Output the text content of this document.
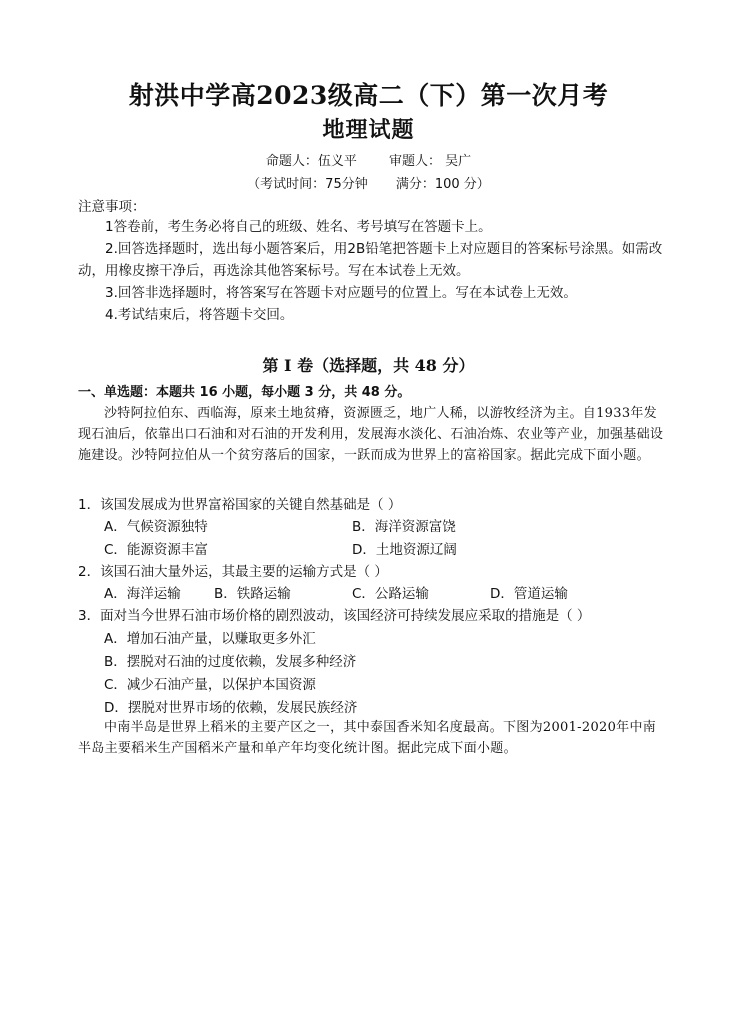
射洪中学高2023级高二（下）第一次月考
地理试题
命题人：伍义平 审题人： 吴广
（考试时间：75分钟 满分：100 分）
注意事项：
1答卷前，考生务必将自己的班级、姓名、考号填写在答题卡上。
2.回答选择题时，选出每小题答案后，用2B铅笔把答题卡上对应题目的答案标号涂黑。如需改动，用橡皮擦干净后，再选涂其他答案标号。写在本试卷上无效。
3.回答非选择题时，将答案写在答题卡对应题号的位置上。写在本试卷上无效。
4.考试结束后，将答题卡交回。
第 I 卷（选择题，共 48 分）
一、单选题：本题共 16 小题，每小题 3 分，共 48 分。
沙特阿拉伯东、西临海，原来土地贫瘠，资源匮乏，地广人稀，以游牧经济为主。自1933年发现石油后，依靠出口石油和对石油的开发利用，发展海水淡化、石油冶炼、农业等产业，加强基础设施建设。沙特阿拉伯从一个贫穷落后的国家，一跃而成为世界上的富裕国家。据此完成下面小题。
1．该国发展成为世界富裕国家的关键自然基础是（ ）
A．气候资源独特	B．海洋资源富饶
C．能源资源丰富	D．土地资源辽阔
2．该国石油大量外运，其最主要的运输方式是（ ）
A．海洋运输 B．铁路运输	C．公路运输	D．管道运输
3．面对当今世界石油市场价格的剧烈波动，该国经济可持续发展应采取的措施是（ ）
A．增加石油产量，以赚取更多外汇
B．摆脱对石油的过度依赖，发展多种经济
C．减少石油产量，以保护本国资源
D．摆脱对世界市场的依赖，发展民族经济
中南半岛是世界上稻米的主要产区之一，其中泰国香米知名度最高。下图为2001-2020年中南半岛主要稻米生产国稻米产量和单产年均变化统计图。据此完成下面小题。
